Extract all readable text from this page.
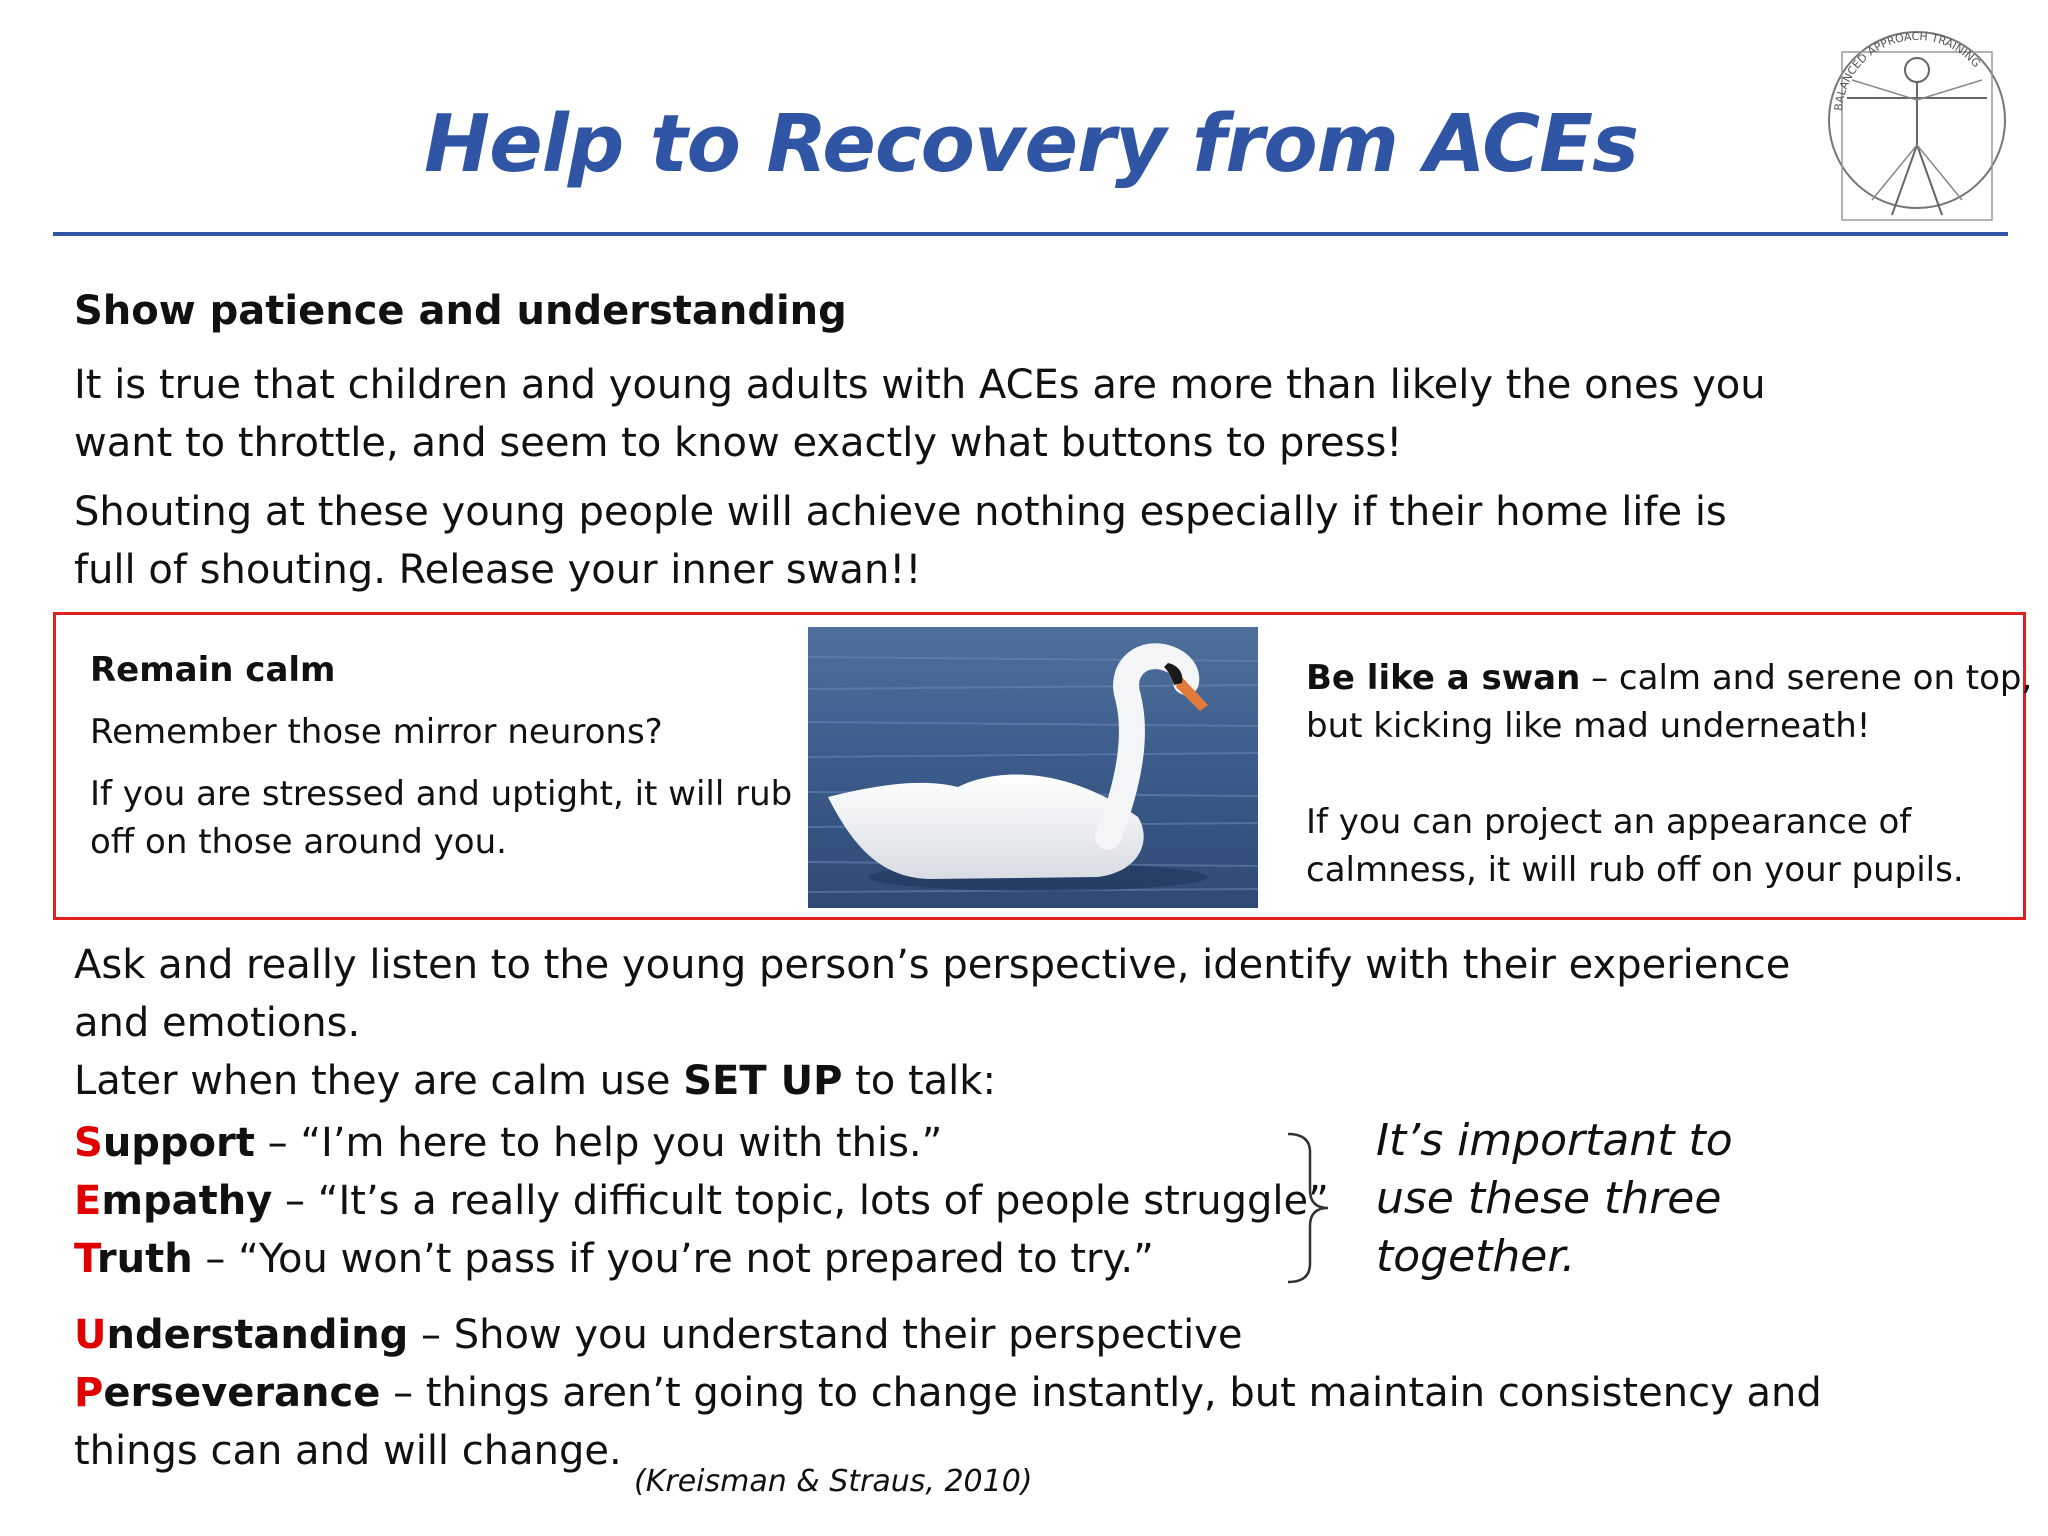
Help to Recovery from ACEs	BALANCED APPROACH TRAINING
Show patience and understanding
It is true that children and young adults with ACEs are more than likely the ones you
want to throttle, and seem to know exactly what buttons to press!
Shouting at these young people will achieve nothing especially if their home life is
full of shouting. Release your inner swan!!
Remain calm
Remember those mirror neurons?
If you are stressed and uptight, it will rub
off on those around you.
Be like a swan – calm and serene on top,
but kicking like mad underneath!
If you can project an appearance of
calmness, it will rub off on your pupils.
Ask and really listen to the young person’s perspective, identify with their experience
and emotions.
Later when they are calm use SET UP to talk:
Support – “I’m here to help you with this.”
Empathy – “It’s a really difficult topic, lots of people struggle”
Truth – “You won’t pass if you’re not prepared to try.”
It’s important to
use these three
together.
Understanding – Show you understand their perspective
Perseverance – things aren’t going to change instantly, but maintain consistency and
things can and will change.
(Kreisman & Straus, 2010)
